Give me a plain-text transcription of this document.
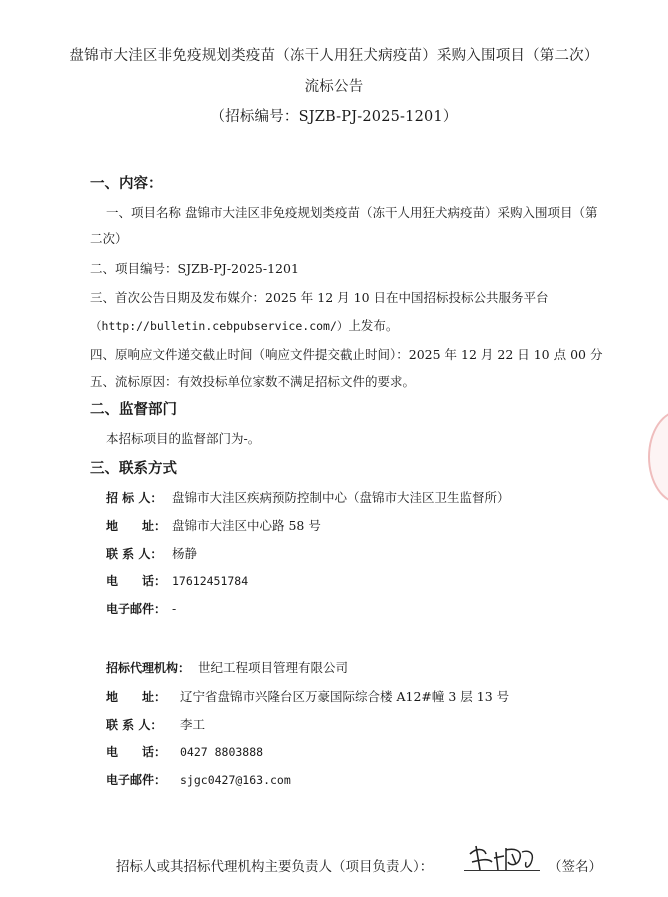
盘锦市大洼区非免疫规划类疫苗（冻干人用狂犬病疫苗）采购入围项目（第二次）
流标公告
（招标编号：SJZB-PJ-2025-1201）
一、内容：
一、项目名称 盘锦市大洼区非免疫规划类疫苗（冻干人用狂犬病疫苗）采购入围项目（第
二次）
二、项目编号：SJZB-PJ-2025-1201
三、首次公告日期及发布媒介：2025 年 12 月 10 日在中国招标投标公共服务平台
（http://bulletin.cebpubservice.com/）上发布。
四、原响应文件递交截止时间（响应文件提交截止时间）：2025 年 12 月 22 日 10 点 00 分
五、流标原因：有效投标单位家数不满足招标文件的要求。
二、监督部门
本招标项目的监督部门为-。
三、联系方式
招 标 人： 盘锦市大洼区疾病预防控制中心（盘锦市大洼区卫生监督所）
地　　址： 盘锦市大洼区中心路 58 号
联 系 人： 杨静
电　　话： 17612451784
电子邮件： -
招标代理机构： 世纪工程项目管理有限公司
地　　址： 辽宁省盘锦市兴隆台区万豪国际综合楼 A12#幢 3 层 13 号
联 系 人： 李工
电　　话： 0427 8803888
电子邮件： sjgc0427@163.com
招标人或其招标代理机构主要负责人（项目负责人）：	（签名）
